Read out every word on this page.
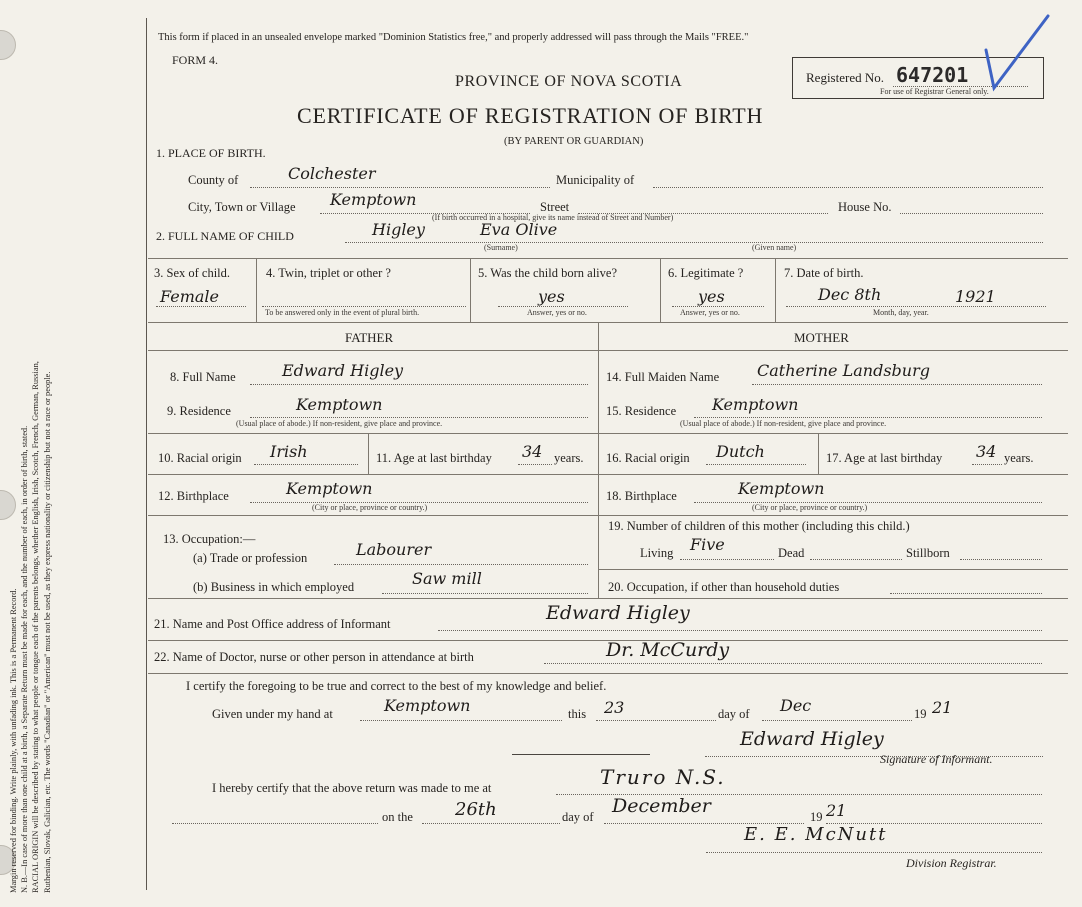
Margin reserved for binding. Write plainly, with unfading ink. This is a Permanent Record. N. B.—In case of more than one child at a birth, a Separate Return must be made for each, and the number of each, in order of birth, stated. RACIAL ORIGIN will be described by stating to what people or tongue each of the parents belongs, whether English, Irish, Scotch, French, German, Russian, Ruthenian, Slovak, Galician, etc. The words "Canadian" or "American" must not be used, as they express nationality or citizenship but not a race or people.
This form if placed in an unsealed envelope marked "Dominion Statistics free," and properly addressed will pass through the Mails "FREE."
FORM 4.
PROVINCE OF NOVA SCOTIA
CERTIFICATE OF REGISTRATION OF BIRTH
(BY PARENT OR GUARDIAN)
Registered No. 647201
For use of Registrar General only.
1. PLACE OF BIRTH.
County of	Colchester	Municipality of
City, Town or Village Kemptown	Street	House No.
(If birth occurred in a hospital, give its name instead of Street and Number)
2. FULL NAME OF CHILD	Higley	Eva Olive
(Surname)	(Given name)
3. Sex of child.
Female
4. Twin, triplet or other ?
To be answered only in the event of plural birth.
5. Was the child born alive?
yes
Answer, yes or no.
6. Legitimate ?
yes
Answer, yes or no.
7. Date of birth.
Dec 8th	1921
Month, day, year.
FATHER	MOTHER
8. Full Name	Edward Higley
9. Residence	Kemptown
(Usual place of abode.) If non-resident, give place and province.
10. Racial origin Irish	11. Age at last birthday 34 years.
12. Birthplace	Kemptown
(City or place, province or country.)
13. Occupation:—
(a) Trade or profession	Labourer
(b) Business in which employed	Saw mill
14. Full Maiden Name Catherine Landsburg
15. Residence Kemptown
(Usual place of abode.) If non-resident, give place and province.
16. Racial origin Dutch	17. Age at last birthday 34 years.
18. Birthplace	Kemptown
(City or place, province or country.)
19. Number of children of this mother (including this child.)
Living Five	Dead	Stillborn
20. Occupation, if other than household duties
21. Name and Post Office address of Informant	Edward Higley
22. Name of Doctor, nurse or other person in attendance at birth	Dr. McCurdy
I certify the foregoing to be true and correct to the best of my knowledge and belief.
Given under my hand at	Kemptown	this 23	day of Dec	19 21
Edward Higley
Signature of Informant.
I hereby certify that the above return was made to me at	Truro N.S.
on the 26th	day of December	19 21
E. E. McNutt
Division Registrar.
